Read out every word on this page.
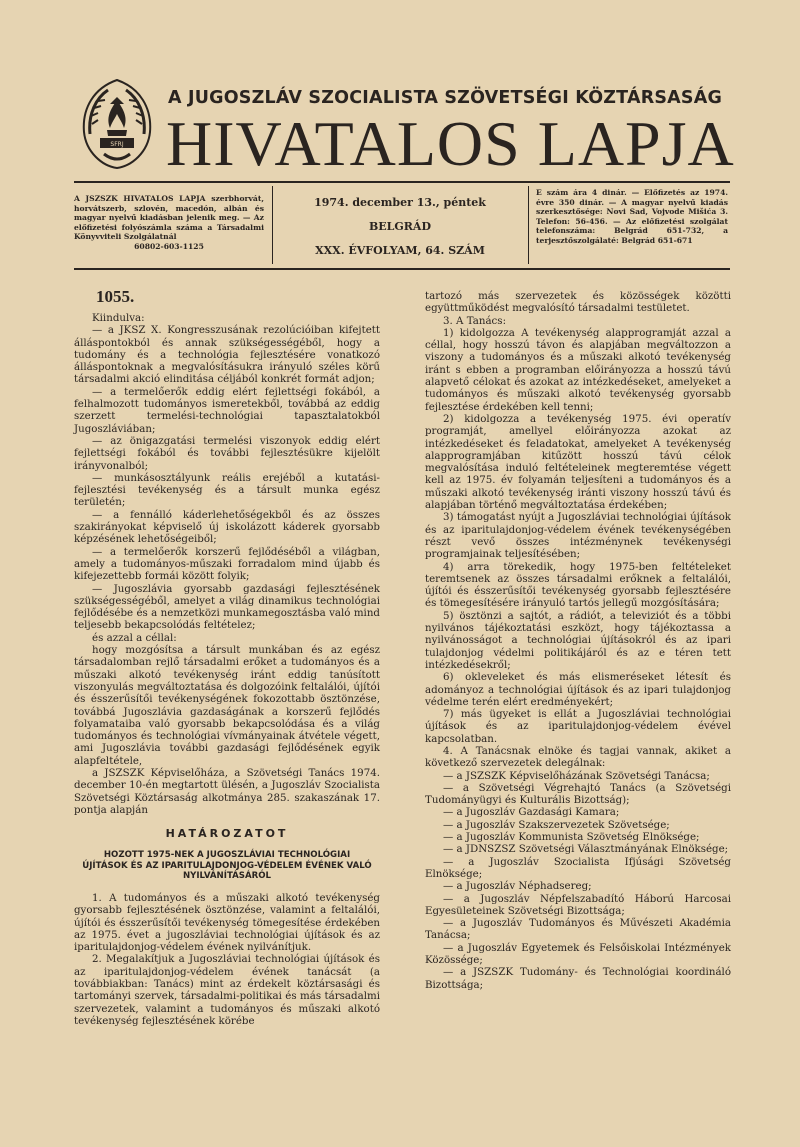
SFRJ
A JUGOSZLÁV SZOCIALISTA SZÖVETSÉGI KÖZTÁRSASÁG
HIVATALOS LAPJA
A JSZSZK HIVATALOS LAPJA szerbhorvát, horvátszerb, szlovén, macedón, albán és magyar nyelvű kiadásban jelenik meg. — Az előfizetési folyószámla száma a Társadalmi Könyvviteli Szolgálatnál
60802-603-1125
1974. december 13., péntek
BELGRÁD
XXX. ÉVFOLYAM, 64. SZÁM
E szám ára 4 dinár. — Előfizetés az 1974. évre 350 dinár. — A magyar nyelvű kiadás szerkesztősége: Novi Sad, Vojvode Mišića 3. Telefon: 56-456. — Az előfizetési szolgálat telefonszáma: Belgrád 651-732, a terjesztőszolgálaté: Belgrád 651-671
1055.

Kiindulva:

— a JKSZ X. Kongresszusának rezolúcióiban kifejtett álláspontokból és annak szükségességéből, hogy a tudomány és a technológia fejlesztésére vonatkozó álláspontoknak a megvalósításukra irányuló széles körű társadalmi akció elinditása céljából konkrét formát adjon;

— a termelőerők eddig elért fejlettségi fokából, a felhalmozott tudományos ismeretekből, továbbá az eddig szerzett termelési-technológiai tapasztalatokból Jugoszláviában;

— az önigazgatási termelési viszonyok eddig elért fejlettségi fokából és további fejlesztésükre kijelölt irányvonalból;

— munkásosztályunk reális erejéből a kutatási-fejlesztési tevékenység és a társult munka egész területén;

— a fennálló káderlehetőségekből és az összes szakirányokat képviselő új iskolázott káderek gyorsabb képzésének lehetőségeiből;

— a termelőerők korszerű fejlődéséből a világban, amely a tudományos-műszaki forradalom mind újabb és kifejezettebb formái között folyik;

— Jugoszlávia gyorsabb gazdasági fejlesztésének szükségességéből, amelyet a világ dinamikus technológiai fejlődésébe és a nemzetközi munkamegosztásba való mind teljesebb bekapcsolódás feltételez;

és azzal a céllal:

hogy mozgósítsa a társult munkában és az egész társadalomban rejlő társadalmi erőket a tudományos és a műszaki alkotó tevékenység iránt eddig tanúsított viszonyulás megváltoztatása és dolgozóink feltalálói, újítói és ésszerűsítői tevékenységének fokozottabb ösztönzése, továbbá Jugoszlávia gazdaságának a korszerű fejlődés folyamataiba való gyorsabb bekapcsolódása és a világ tudományos és technológiai vívmányainak átvétele végett, ami Jugoszlávia további gazdasági fejlődésének egyik alapfeltétele,

a JSZSZK Képviselőháza, a Szövetségi Tanács 1974. december 10-én megtartott ülésén, a Jugoszláv Szocialista Szövetségi Köztársaság alkotmánya 285. szakaszának 17. pontja alapján

HATÁROZATOT
HOZOTT 1975-NEK A JUGOSZLÁVIAI TECHNOLÓGIAI ÚJÍTÁSOK ÉS AZ IPARITULAJDONJOG-VÉDELEM ÉVÉNEK VALÓ NYILVÁNÍTÁSÁRÓL

1. A tudományos és a műszaki alkotó tevékenység gyorsabb fejlesztésének ösztönzése, valamint a feltalálói, újítói és ésszerűsítői tevékenység tömegesítése érdekében az 1975. évet a jugoszláviai technológiai újítások és az iparitulajdonjog-védelem évének nyilvánítjuk.

2. Megalakítjuk a Jugoszláviai technológiai újítások és az iparitulajdonjog-védelem évének tanácsát (a továbbiakban: Tanács) mint az érdekelt köztársasági és tartományi szervek, társadalmi-politikai és más társadalmi szervezetek, valamint a tudományos és műszaki alkotó tevékenység fejlesztésének körébe

tartozó más szervezetek és közösségek közötti együttműködést megvalósító társadalmi testületet.

3. A Tanács:

1) kidolgozza A tevékenység alapprogramját azzal a céllal, hogy hosszú távon és alapjában megváltozzon a viszony a tudományos és a műszaki alkotó tevékenység iránt s ebben a programban előirányozza a hosszú távú alapvető célokat és azokat az intézkedéseket, amelyeket a tudományos és műszaki alkotó tevékenység gyorsabb fejlesztése érdekében kell tenni;

2) kidolgozza a tevékenység 1975. évi operatív programját, amellyel előirányozza azokat az intézkedéseket és feladatokat, amelyeket A tevékenység alapprogramjában kitűzött hosszú távú célok megvalósítása induló feltételeinek megteremtése végett kell az 1975. év folyamán teljesíteni a tudományos és a műszaki alkotó tevékenység iránti viszony hosszú távú és alapjában történő megváltoztatása érdekében;

3) támogatást nyújt a Jugoszláviai technológiai újítások és az iparitulajdonjog-védelem évének tevékenységében részt vevő összes intézménynek tevékenységi programjainak teljesítésében;

4) arra törekedik, hogy 1975-ben feltételeket teremtsenek az összes társadalmi erőknek a feltalálói, újítói és ésszerűsítői tevékenység gyorsabb fejlesztésére és tömegesítésére irányuló tartós jellegű mozgósítására;

5) ösztönzi a sajtót, a rádiót, a televiziót és a többi nyilvános tájékoztatási eszközt, hogy tájékoztassa a nyilvánosságot a technológiai újításokról és az ipari tulajdonjog védelmi politikájáról és az e téren tett intézkedésekről;

6) okleveleket és más elismeréseket létesít és adományoz a technológiai újítások és az ipari tulajdonjog védelme terén elért eredményekért;

7) más ügyeket is ellát a Jugoszláviai technológiai újítások és az iparitulajdonjog-védelem évével kapcsolatban.

4. A Tanácsnak elnöke és tagjai vannak, akiket a következő szervezetek delegálnak:

— a JSZSZK Képviselőházának Szövetségi Tanácsa;

— a Szövetségi Végrehajtó Tanács (a Szövetségi Tudományügyi és Kulturális Bizottság);

— a Jugoszláv Gazdasági Kamara;

— a Jugoszláv Szakszervezetek Szövetsége;

— a Jugoszláv Kommunista Szövetség Elnöksége;

— a JDNSZSZ Szövetségi Választmányának Elnöksége;

— a Jugoszláv Szocialista Ifjúsági Szövetség Elnöksége;

— a Jugoszláv Néphadsereg;

— a Jugoszláv Népfelszabadító Háború Harcosai Egyesületeinek Szövetségi Bizottsága;

— a Jugoszláv Tudományos és Művészeti Akadémia Tanácsa;

— a Jugoszláv Egyetemek és Felsőiskolai Intézmények Közössége;

— a JSZSZK Tudomány- és Technológiai koordináló Bizottsága;
